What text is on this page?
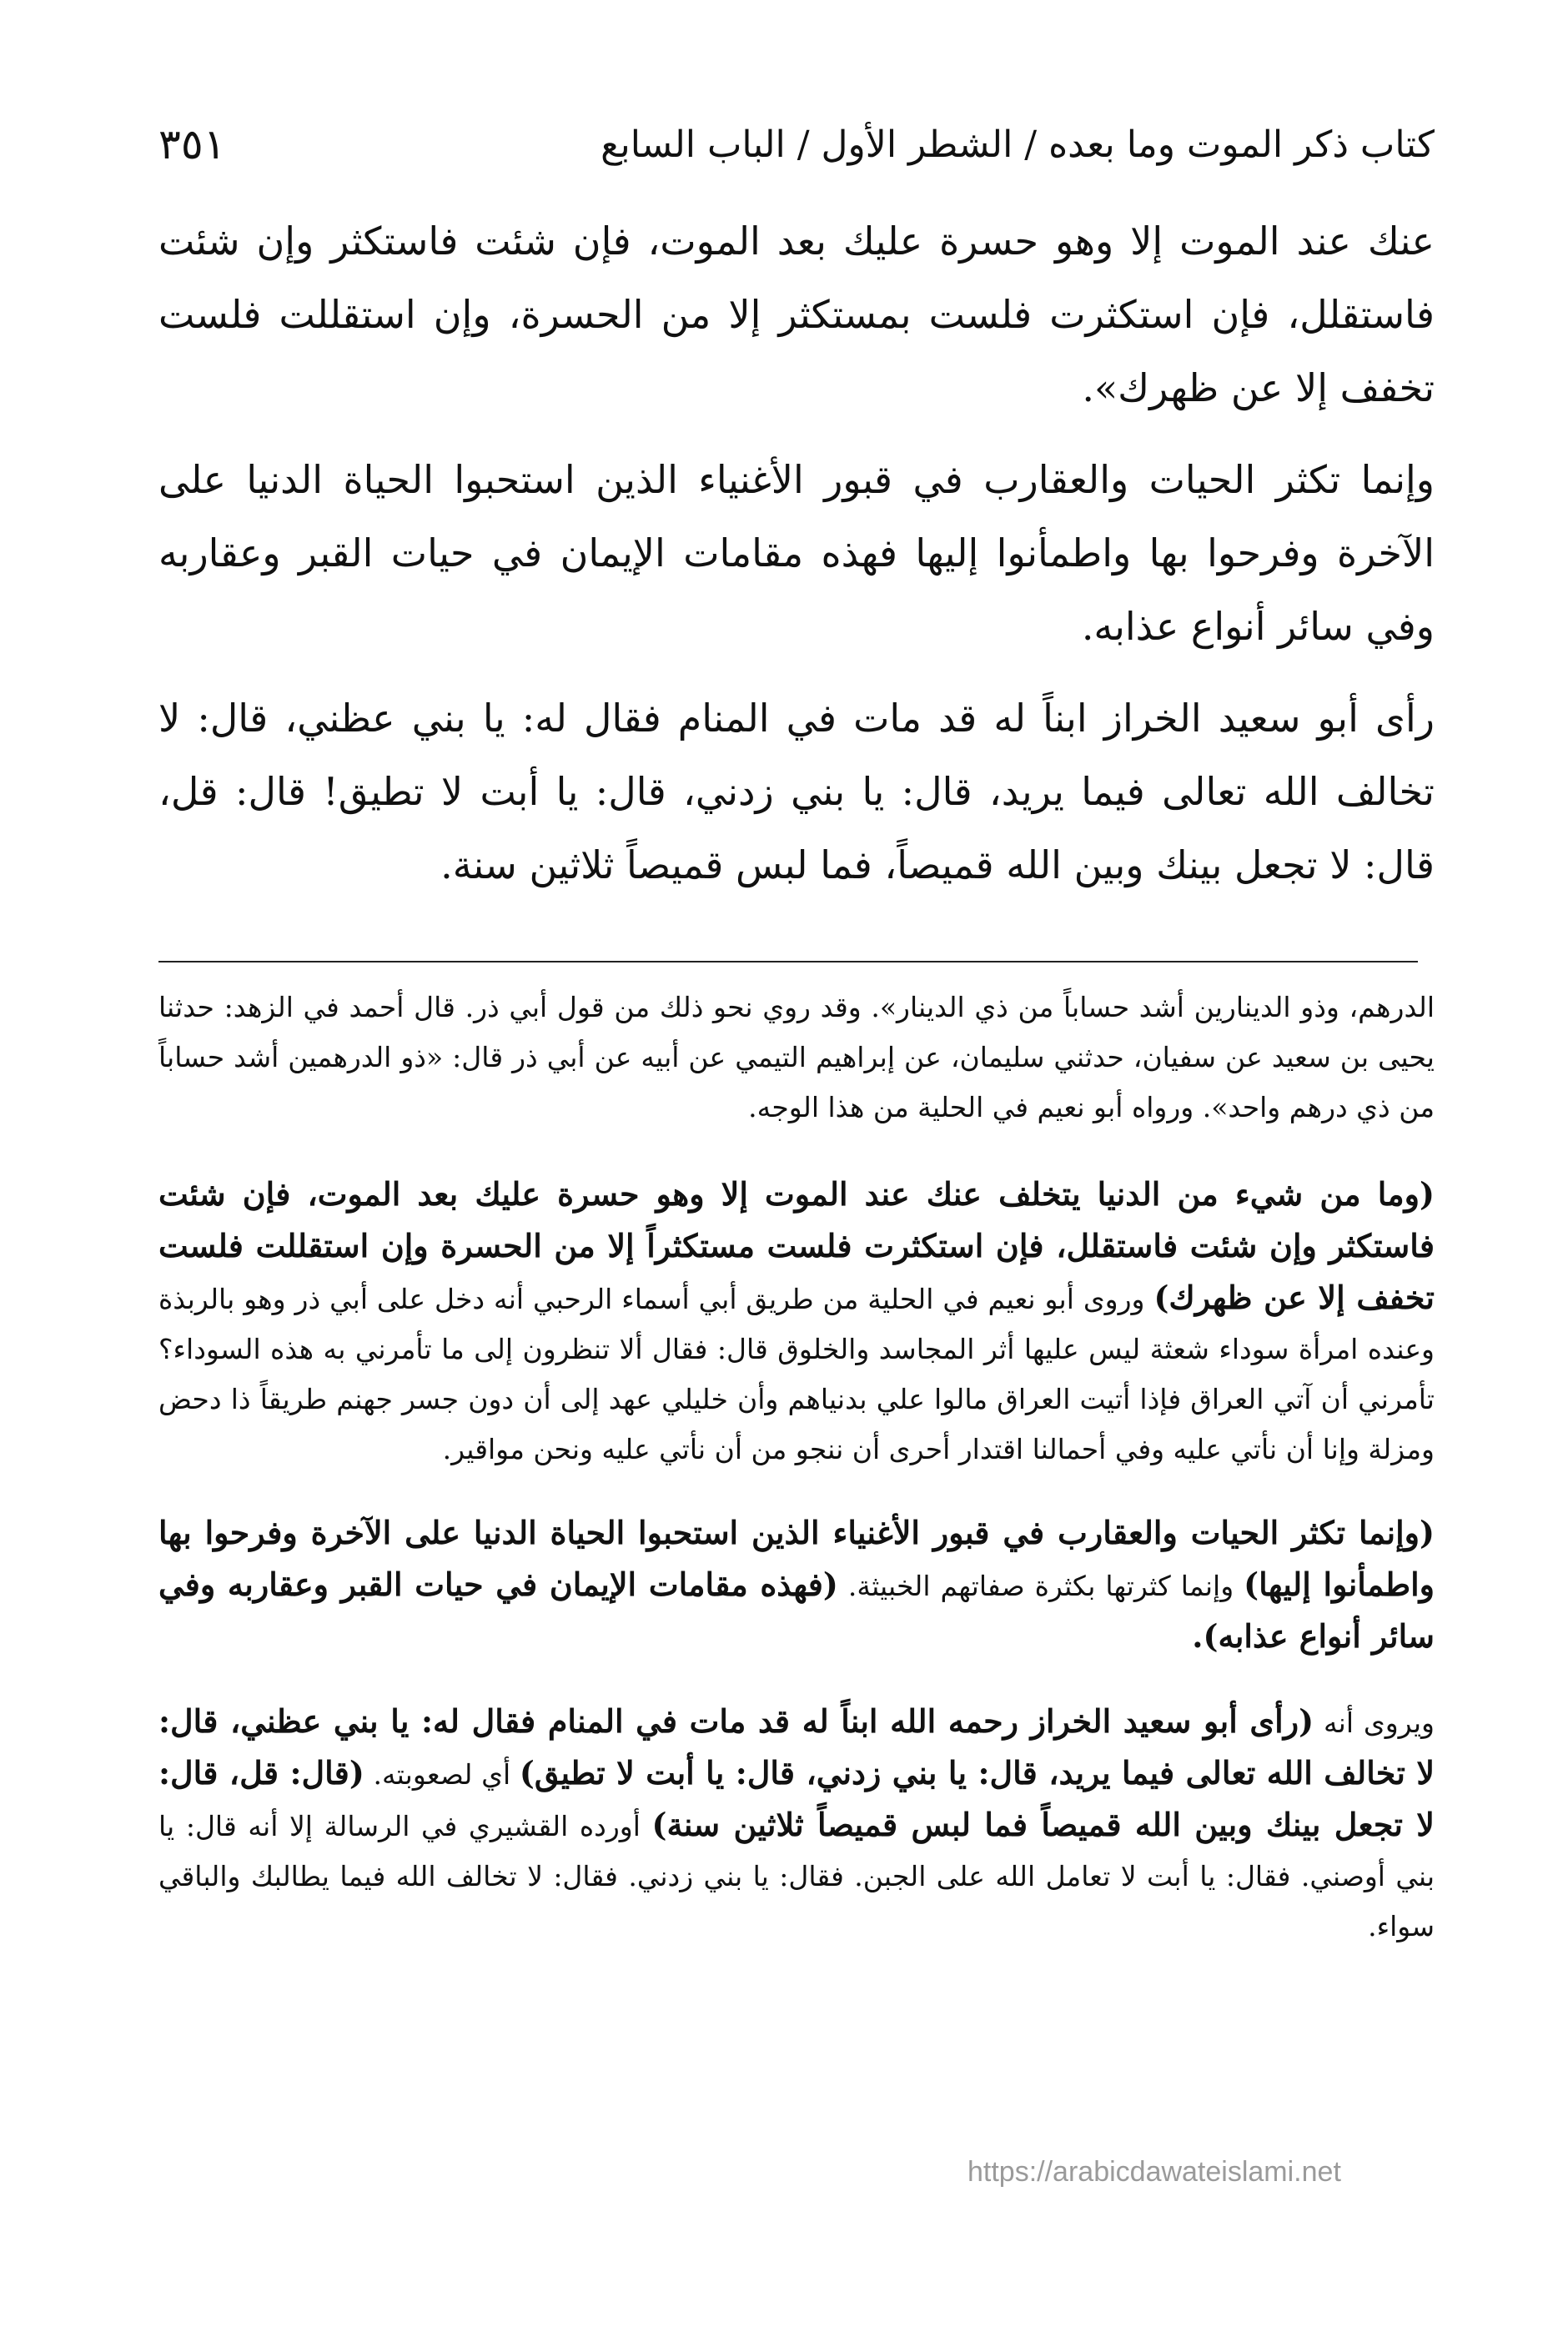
كتاب ذكر الموت وما بعده / الشطر الأول / الباب السابع
٣٥١

عنك عند الموت إلا وهو حسرة عليك بعد الموت، فإن شئت فاستكثر وإن شئت فاستقلل، فإن استكثرت فلست بمستكثر إلا من الحسرة، وإن استقللت فلست تخفف إلا عن ظهرك».

وإنما تكثر الحيات والعقارب في قبور الأغنياء الذين استحبوا الحياة الدنيا على الآخرة وفرحوا بها واطمأنوا إليها فهذه مقامات الإيمان في حيات القبر وعقاربه وفي سائر أنواع عذابه.

رأى أبو سعيد الخراز ابناً له قد مات في المنام فقال له: يا بني عظني، قال: لا تخالف الله تعالى فيما يريد، قال: يا بني زدني، قال: يا أبت لا تطيق! قال: قل، قال: لا تجعل بينك وبين الله قميصاً، فما لبس قميصاً ثلاثين سنة.

الدرهم، وذو الدينارين أشد حساباً من ذي الدينار». وقد روي نحو ذلك من قول أبي ذر. قال أحمد في الزهد: حدثنا يحيى بن سعيد عن سفيان، حدثني سليمان، عن إبراهيم التيمي عن أبيه عن أبي ذر قال: «ذو الدرهمين أشد حساباً من ذي درهم واحد». ورواه أبو نعيم في الحلية من هذا الوجه.

(وما من شيء من الدنيا يتخلف عنك عند الموت إلا وهو حسرة عليك بعد الموت، فإن شئت فاستكثر وإن شئت فاستقلل، فإن استكثرت فلست مستكثراً إلا من الحسرة وإن استقللت فلست تخفف إلا عن ظهرك) وروى أبو نعيم في الحلية من طريق أبي أسماء الرحبي أنه دخل على أبي ذر وهو بالربذة وعنده امرأة سوداء شعثة ليس عليها أثر المجاسد والخلوق قال: فقال ألا تنظرون إلى ما تأمرني به هذه السوداء؟ تأمرني أن آتي العراق فإذا أتيت العراق مالوا علي بدنياهم وأن خليلي عهد إلى أن دون جسر جهنم طريقاً ذا دحض ومزلة وإنا أن نأتي عليه وفي أحمالنا اقتدار أحرى أن ننجو من أن نأتي عليه ونحن مواقير.

(وإنما تكثر الحيات والعقارب في قبور الأغنياء الذين استحبوا الحياة الدنيا على الآخرة وفرحوا بها واطمأنوا إليها) وإنما كثرتها بكثرة صفاتهم الخبيثة. (فهذه مقامات الإيمان في حيات القبر وعقاربه وفي سائر أنواع عذابه).

ويروى أنه (رأى أبو سعيد الخراز رحمه الله ابناً له قد مات في المنام فقال له: يا بني عظني، قال: لا تخالف الله تعالى فيما يريد، قال: يا بني زدني، قال: يا أبت لا تطيق) أي لصعوبته. (قال: قل، قال: لا تجعل بينك وبين الله قميصاً فما لبس قميصاً ثلاثين سنة) أورده القشيري في الرسالة إلا أنه قال: يا بني أوصني. فقال: يا أبت لا تعامل الله على الجبن. فقال: يا بني زدني. فقال: لا تخالف الله فيما يطالبك والباقي سواء.

https://arabicdawateislami.net
